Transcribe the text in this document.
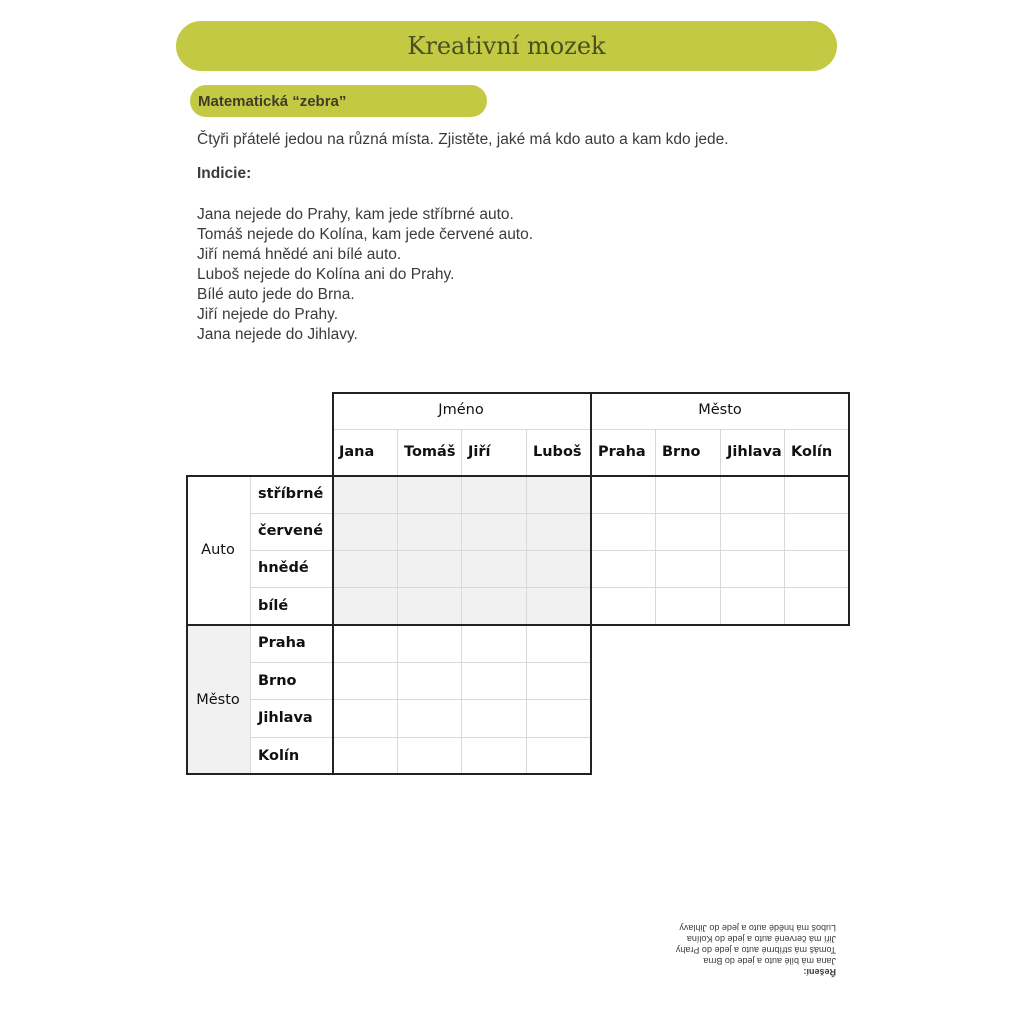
Kreativní mozek
Matematická “zebra”
Čtyři přátelé jedou na různá místa. Zjistěte, jaké má kdo auto a kam kdo jede.
Indicie:
Jana nejede do Prahy, kam jede stříbrné auto.
Tomáš nejede do Kolína, kam jede červené auto.
Jiří nemá hnědé ani bílé auto.
Luboš nejede do Kolína ani do Prahy.
Bílé auto jede do Brna.
Jiří nejede do Prahy.
Jana nejede do Jihlavy.
Jméno	Město
Jana Tomáš Jiří	Luboš Praha Brno Jihlava Kolín
Auto
Město
stříbrné
červené
hnědé
bílé
Praha
Brno
Jihlava
Kolín
Řešení:
Jana má bílé auto a jede do Brna
Tomáš má stříbrné auto a jede do Prahy
Jiří má červené auto a jede do Kolína
Luboš má hnědé auto a jede do Jihlavy
